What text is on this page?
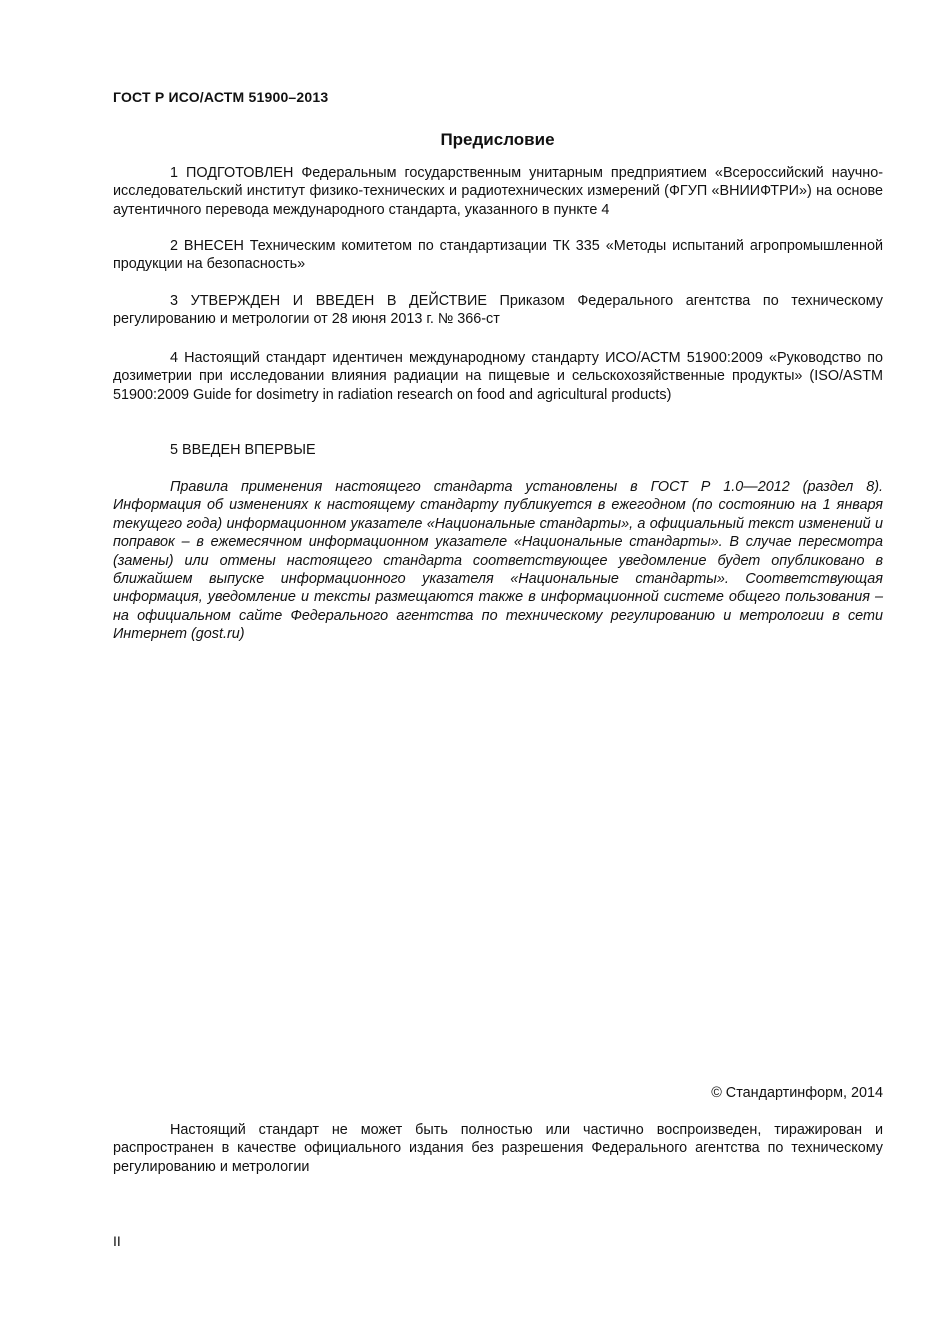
ГОСТ Р ИСО/АСТМ 51900–2013
Предисловие

1 ПОДГОТОВЛЕН Федеральным государственным унитарным предприятием «Всероссийский научно-исследовательский институт физико-технических и радиотехнических измерений (ФГУП «ВНИИФТРИ») на основе аутентичного перевода международного стандарта, указанного в пункте 4

2 ВНЕСЕН Техническим комитетом по стандартизации ТК 335 «Методы испытаний агропромышленной продукции на безопасность»

3 УТВЕРЖДЕН И ВВЕДЕН В ДЕЙСТВИЕ Приказом Федерального агентства по техническому регулированию и метрологии от 28 июня 2013 г. № 366-ст

4 Настоящий стандарт идентичен международному стандарту ИСО/АСТМ 51900:2009 «Руководство по дозиметрии при исследовании влияния радиации на пищевые и сельскохозяйственные продукты» (ISO/ASTM 51900:2009 Guide for dosimetry in radiation research on food and agricultural products)

5 ВВЕДЕН ВПЕРВЫЕ

Правила применения настоящего стандарта установлены в ГОСТ Р 1.0—2012 (раздел 8). Информация об изменениях к настоящему стандарту публикуется в ежегодном (по состоянию на 1 января текущего года) информационном указателе «Национальные стандарты», а официальный текст изменений и поправок – в ежемесячном информационном указателе «Национальные стандарты». В случае пересмотра (замены) или отмены настоящего стандарта соответствующее уведомление будет опубликовано в ближайшем выпуске информационного указателя «Национальные стандарты». Соответствующая информация, уведомление и тексты размещаются также в информационной системе общего пользования – на официальном сайте Федерального агентства по техническому регулированию и метрологии в сети Интернет (gost.ru)

© Стандартинформ, 2014

Настоящий стандарт не может быть полностью или частично воспроизведен, тиражирован и распространен в качестве официального издания без разрешения Федерального агентства по техническому регулированию и метрологии

II
